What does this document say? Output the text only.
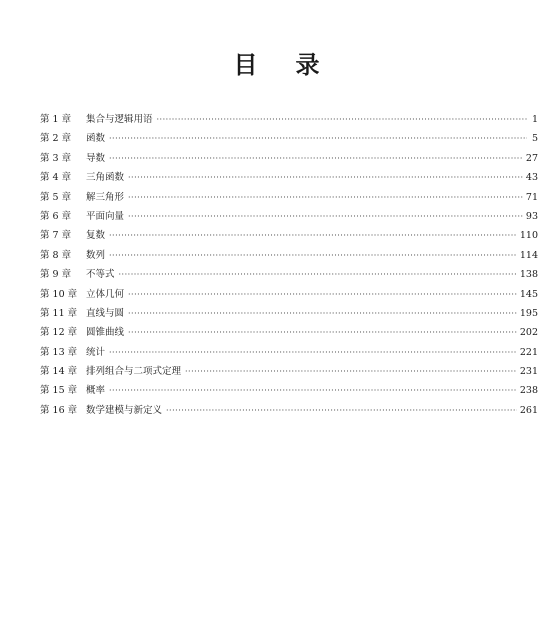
目 录
第 1 章	集合与逻辑用语 ·····	1
第 2 章	函数 ·····	5
第 3 章	导数 ·····	27
第 4 章	三角函数 ·····	43
第 5 章	解三角形 ·····	71
第 6 章	平面向量 ·····	93
第 7 章	复数 ·····	110
第 8 章	数列 ·····	114
第 9 章	不等式 ·····	138
第 10 章 立体几何 ·····	145
第 11 章 直线与圆 ·····	195
第 12 章 圆锥曲线 ·····	202
第 13 章 统计 ·····	221
第 14 章 排列组合与二项式定理 ·····	231
第 15 章 概率 ·····	238
第 16 章 数学建模与新定义 ·····	261
